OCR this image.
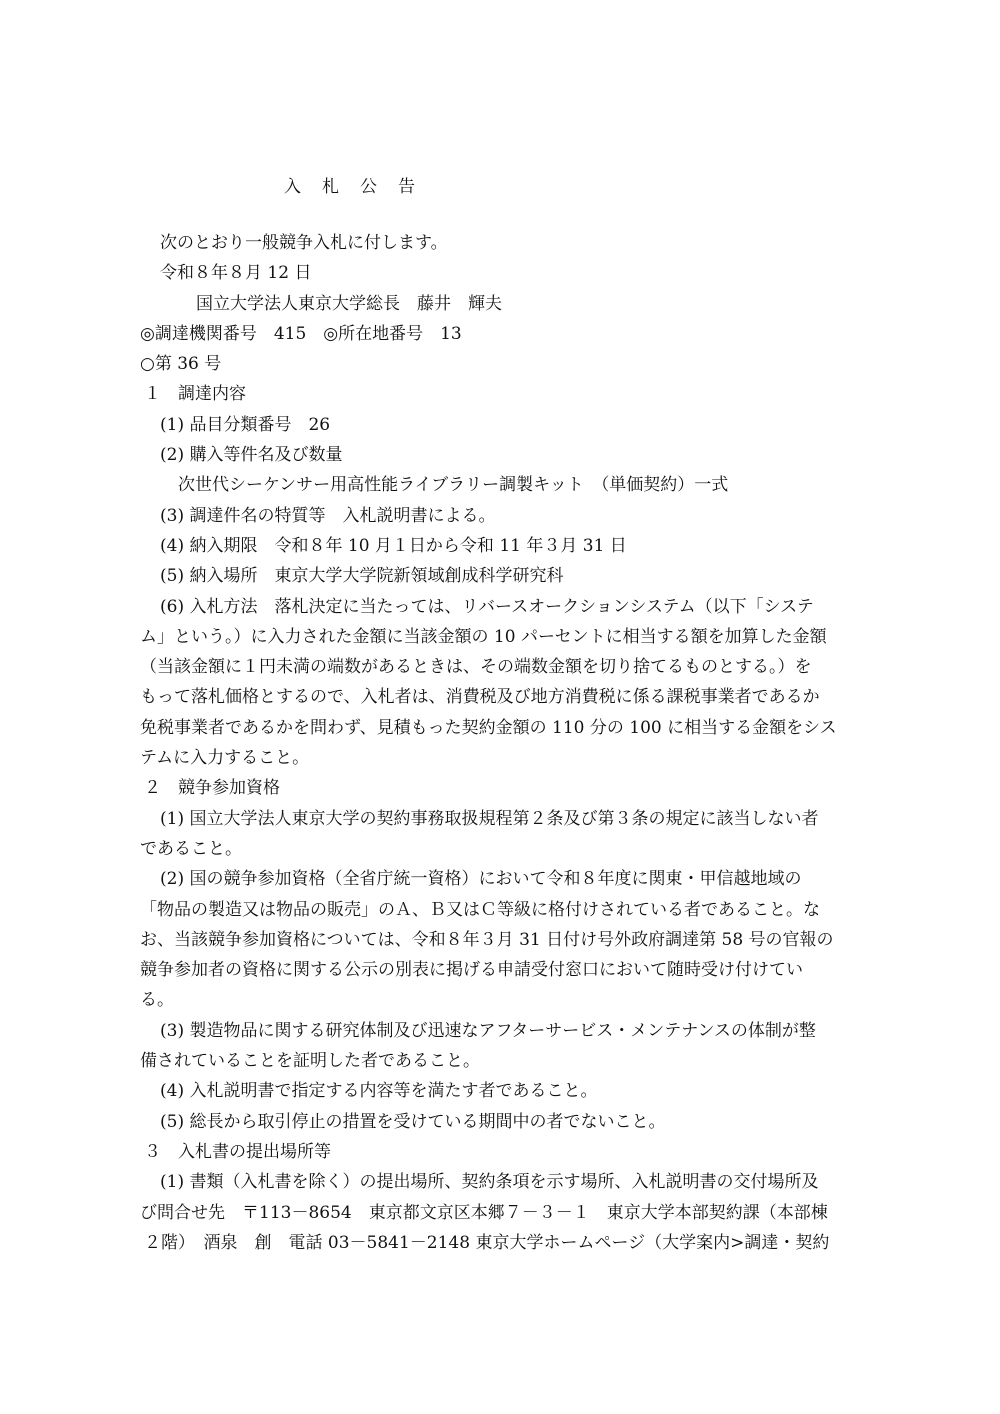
入札公告
次のとおり一般競争入札に付します。
令和８年８月 12 日
国立大学法人東京大学総長　藤井　輝夫
◎調達機関番号　415　◎所在地番号　13
○第 36 号
１　調達内容
(1) 品目分類番号　26
(2) 購入等件名及び数量
次世代シーケンサー用高性能ライブラリー調製キット　（単価契約）一式
(3) 調達件名の特質等　入札説明書による。
(4) 納入期限　令和８年 10 月１日から令和 11 年３月 31 日
(5) 納入場所　東京大学大学院新領域創成科学研究科
(6) 入札方法　落札決定に当たっては、リバースオークションシステム（以下「システ
ム」という。）に入力された金額に当該金額の 10 パーセントに相当する額を加算した金額
（当該金額に１円未満の端数があるときは、その端数金額を切り捨てるものとする。）を
もって落札価格とするので、入札者は、消費税及び地方消費税に係る課税事業者であるか
免税事業者であるかを問わず、見積もった契約金額の 110 分の 100 に相当する金額をシス
テムに入力すること。
２　競争参加資格
(1) 国立大学法人東京大学の契約事務取扱規程第２条及び第３条の規定に該当しない者
であること。
(2) 国の競争参加資格（全省庁統一資格）において令和８年度に関東・甲信越地域の
「物品の製造又は物品の販売」のＡ、Ｂ又はＣ等級に格付けされている者であること。な
お、当該競争参加資格については、令和８年３月 31 日付け号外政府調達第 58 号の官報の
競争参加者の資格に関する公示の別表に掲げる申請受付窓口において随時受け付けてい
る。
(3) 製造物品に関する研究体制及び迅速なアフターサービス・メンテナンスの体制が整
備されていることを証明した者であること。
(4) 入札説明書で指定する内容等を満たす者であること。
(5) 総長から取引停止の措置を受けている期間中の者でないこと。
３　入札書の提出場所等
(1) 書類（入札書を除く）の提出場所、契約条項を示す場所、入札説明書の交付場所及
び問合せ先　〒113－8654　東京都文京区本郷７－３－１　東京大学本部契約課（本部棟
２階）　酒泉　創　電話 03－5841－2148 東京大学ホームページ（大学案内>調達・契約
